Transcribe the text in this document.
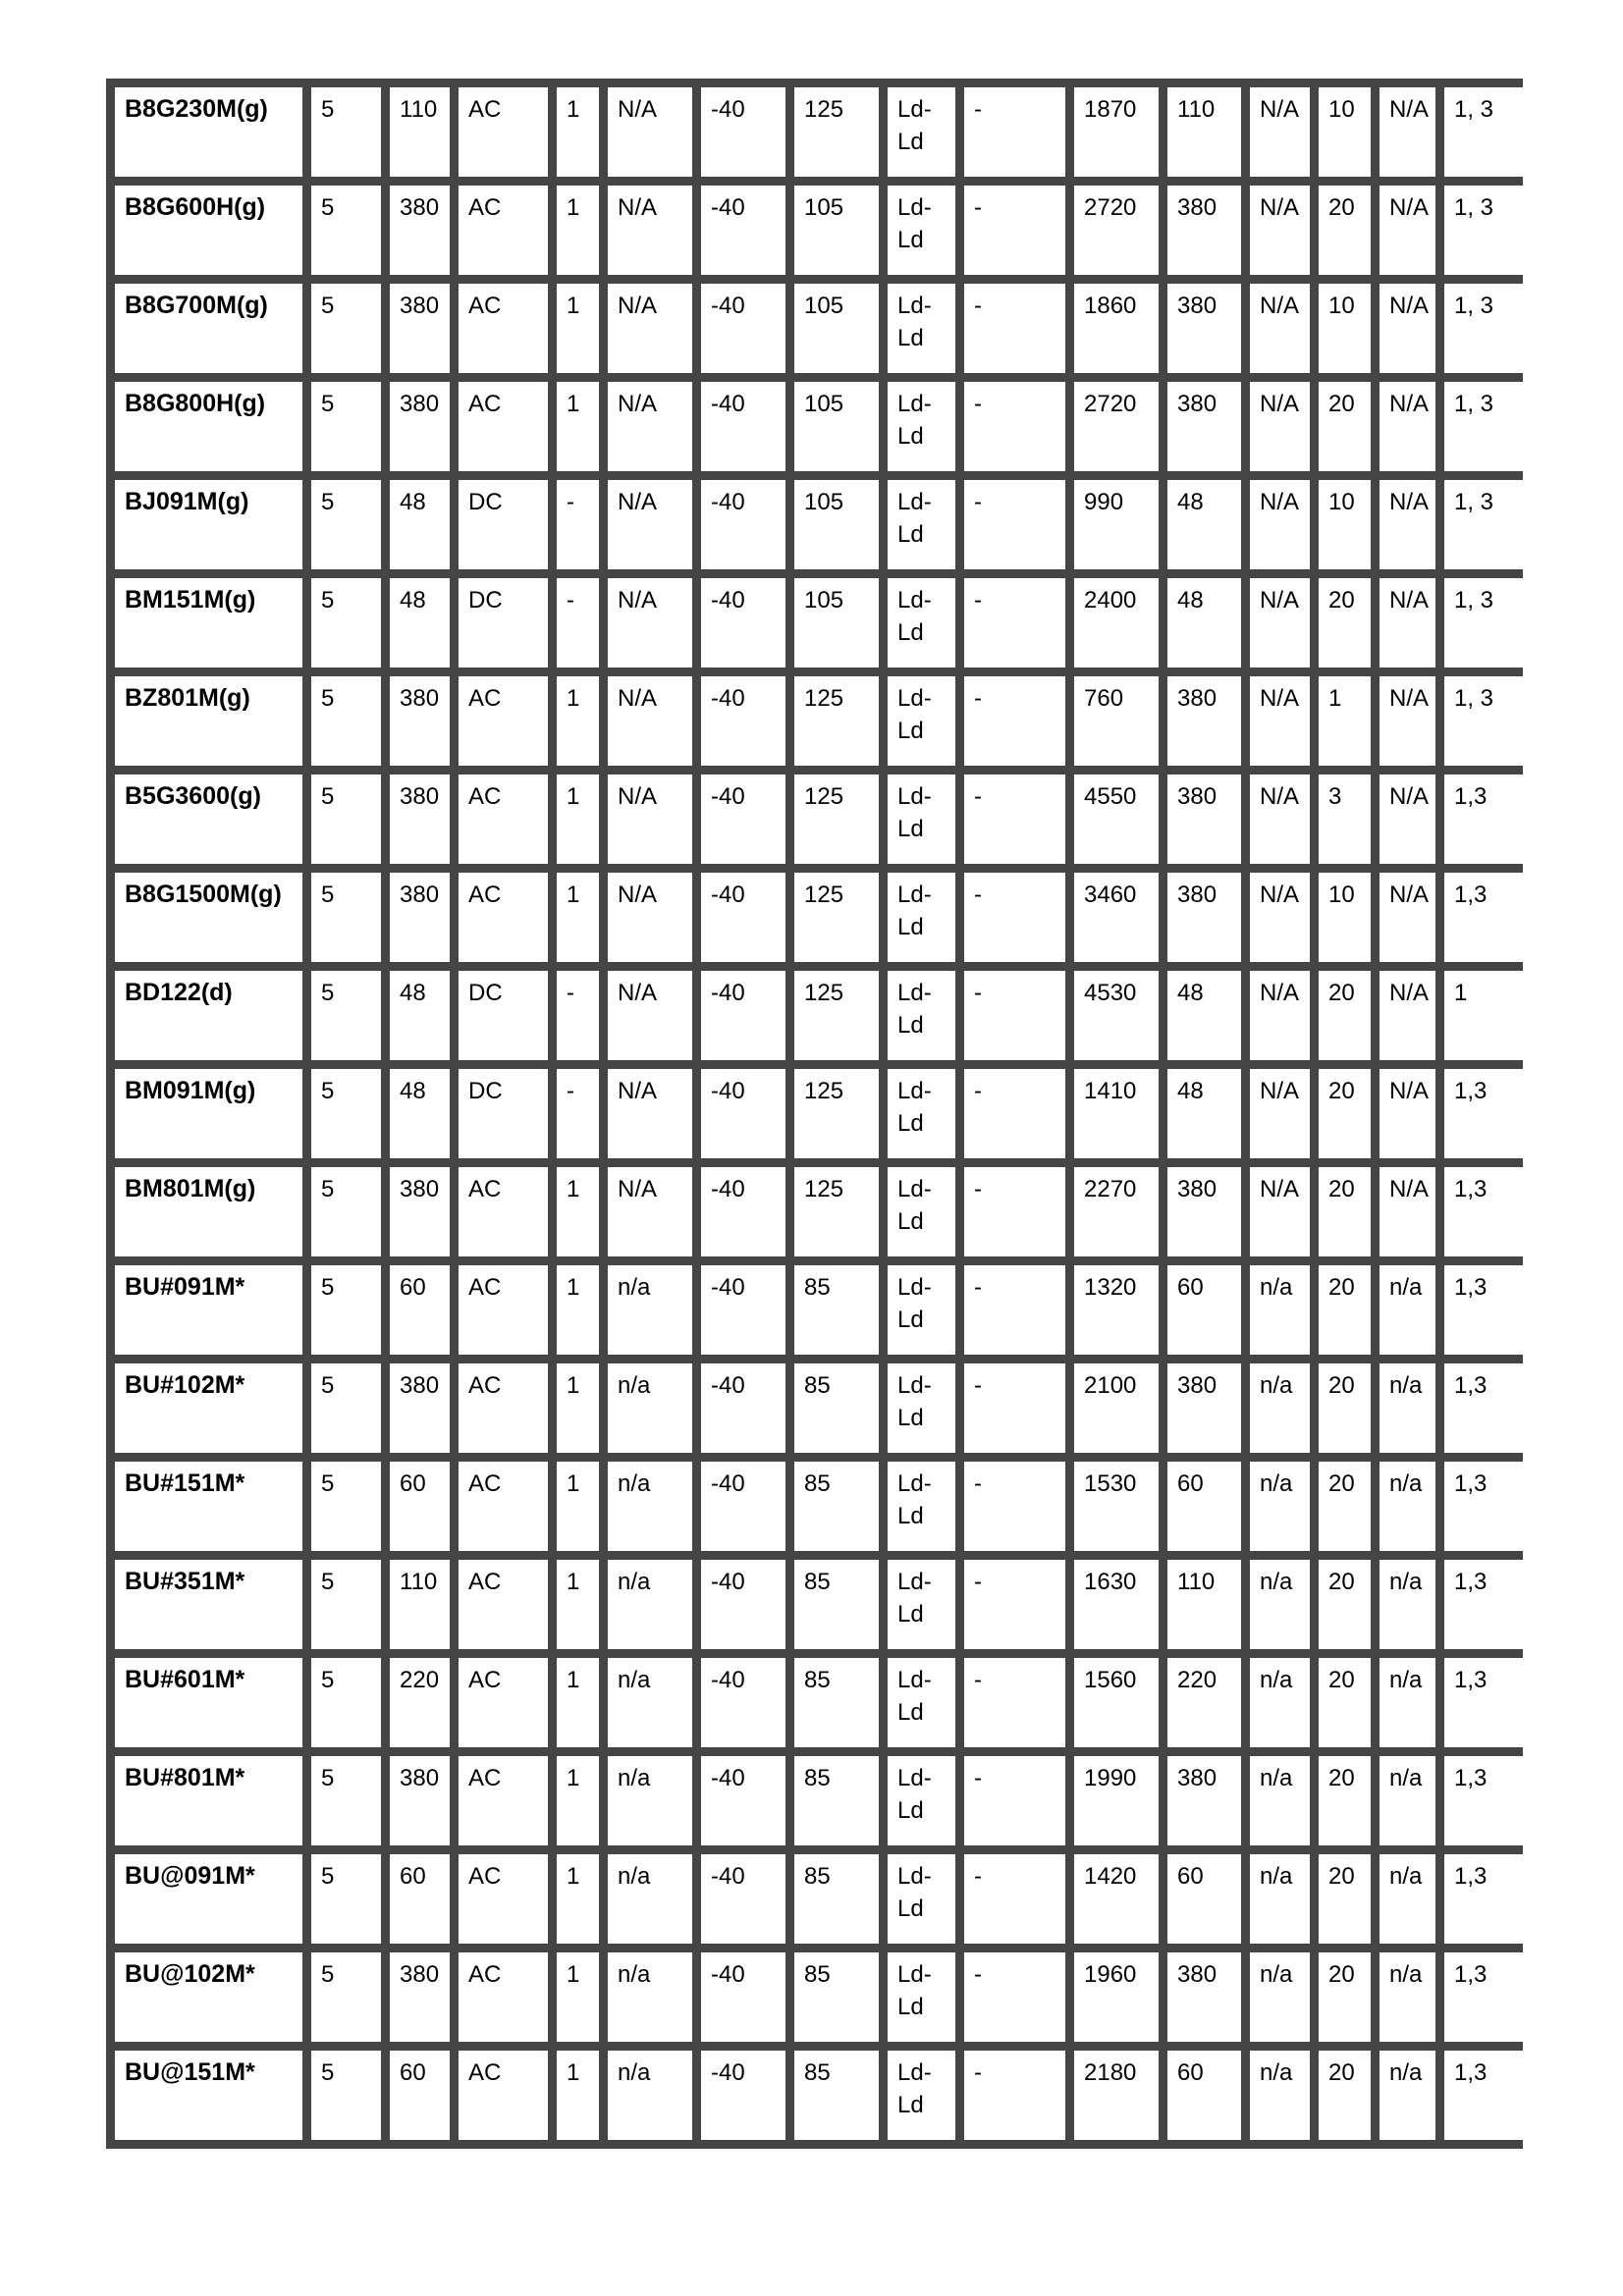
B8G230M(g)	5	110	AC	1	N/A	-40	125	Ld-Ld	-	1870	110	N/A	10	N/A	1, 3
B8G600H(g)	5	380	AC	1	N/A	-40	105	Ld-Ld	-	2720	380	N/A	20	N/A	1, 3
B8G700M(g)	5	380	AC	1	N/A	-40	105	Ld-Ld	-	1860	380	N/A	10	N/A	1, 3
B8G800H(g)	5	380	AC	1	N/A	-40	105	Ld-Ld	-	2720	380	N/A	20	N/A	1, 3
BJ091M(g)	5	48	DC	-	N/A	-40	105	Ld-Ld	-	990	48	N/A	10	N/A	1, 3
BM151M(g)	5	48	DC	-	N/A	-40	105	Ld-Ld	-	2400	48	N/A	20	N/A	1, 3
BZ801M(g)	5	380	AC	1	N/A	-40	125	Ld-Ld	-	760	380	N/A	1	N/A	1, 3
B5G3600(g)	5	380	AC	1	N/A	-40	125	Ld-Ld	-	4550	380	N/A	3	N/A	1,3
B8G1500M(g)	5	380	AC	1	N/A	-40	125	Ld-Ld	-	3460	380	N/A	10	N/A	1,3
BD122(d)	5	48	DC	-	N/A	-40	125	Ld-Ld	-	4530	48	N/A	20	N/A	1
BM091M(g)	5	48	DC	-	N/A	-40	125	Ld-Ld	-	1410	48	N/A	20	N/A	1,3
BM801M(g)	5	380	AC	1	N/A	-40	125	Ld-Ld	-	2270	380	N/A	20	N/A	1,3
BU#091M*	5	60	AC	1	n/a	-40	85	Ld-Ld	-	1320	60	n/a	20	n/a	1,3
BU#102M*	5	380	AC	1	n/a	-40	85	Ld-Ld	-	2100	380	n/a	20	n/a	1,3
BU#151M*	5	60	AC	1	n/a	-40	85	Ld-Ld	-	1530	60	n/a	20	n/a	1,3
BU#351M*	5	110	AC	1	n/a	-40	85	Ld-Ld	-	1630	110	n/a	20	n/a	1,3
BU#601M*	5	220	AC	1	n/a	-40	85	Ld-Ld	-	1560	220	n/a	20	n/a	1,3
BU#801M*	5	380	AC	1	n/a	-40	85	Ld-Ld	-	1990	380	n/a	20	n/a	1,3
BU@091M*	5	60	AC	1	n/a	-40	85	Ld-Ld	-	1420	60	n/a	20	n/a	1,3
BU@102M*	5	380	AC	1	n/a	-40	85	Ld-Ld	-	1960	380	n/a	20	n/a	1,3
BU@151M*	5	60	AC	1	n/a	-40	85	Ld-Ld	-	2180	60	n/a	20	n/a	1,3
